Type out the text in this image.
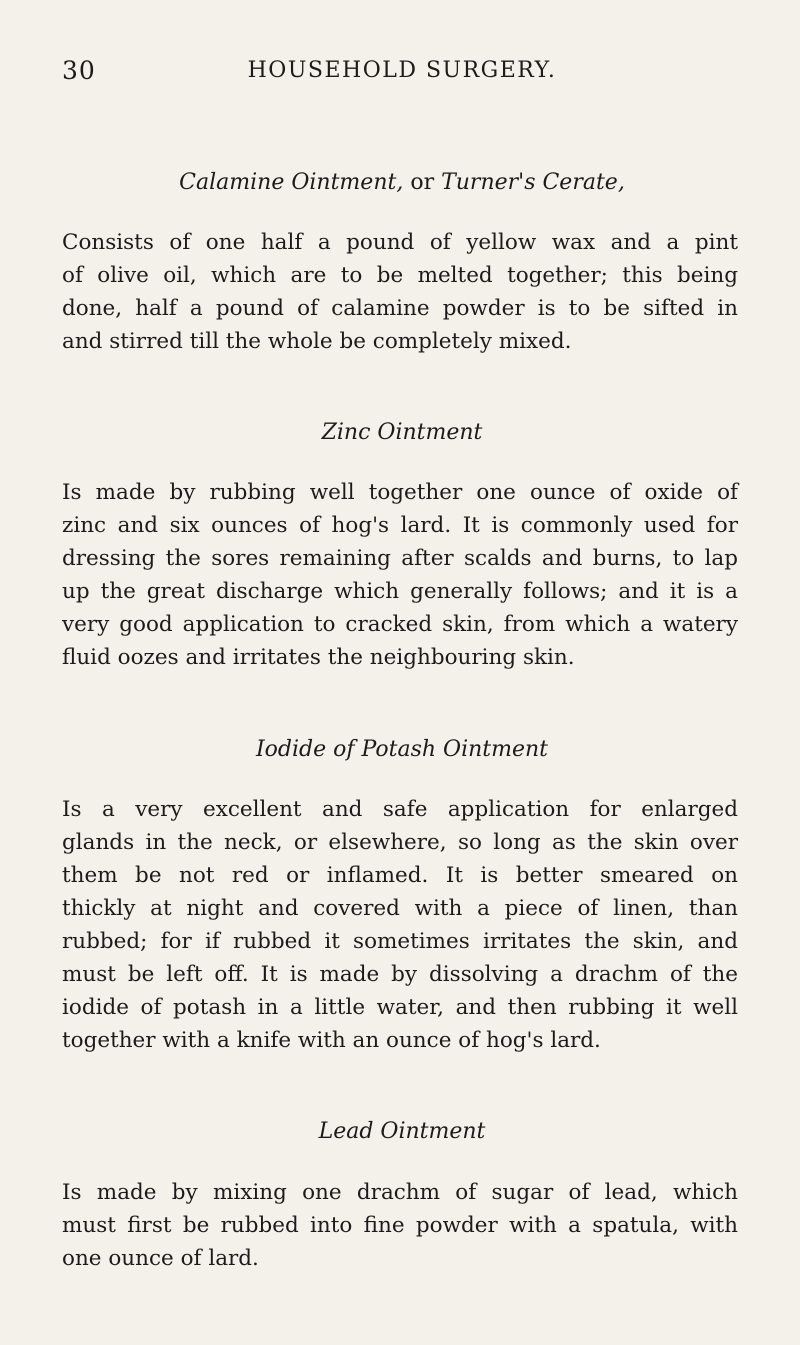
30	HOUSEHOLD SURGERY.
Calamine Ointment, or Turner's Cerate,
Consists of one half a pound of yellow wax and a pint
of olive oil, which are to be melted together; this being
done, half a pound of calamine powder is to be sifted in
and stirred till the whole be completely mixed.
Zinc Ointment
Is made by rubbing well together one ounce of oxide of
zinc and six ounces of hog's lard. It is commonly used for
dressing the sores remaining after scalds and burns, to lap
up the great discharge which generally follows; and it is a
very good application to cracked skin, from which a watery
fluid oozes and irritates the neighbouring skin.
Iodide of Potash Ointment
Is a very excellent and safe application for enlarged
glands in the neck, or elsewhere, so long as the skin over
them be not red or inflamed. It is better smeared on
thickly at night and covered with a piece of linen, than
rubbed; for if rubbed it sometimes irritates the skin, and
must be left off. It is made by dissolving a drachm of the
iodide of potash in a little water, and then rubbing it well
together with a knife with an ounce of hog's lard.
Lead Ointment
Is made by mixing one drachm of sugar of lead, which
must first be rubbed into fine powder with a spatula, with
one ounce of lard.
